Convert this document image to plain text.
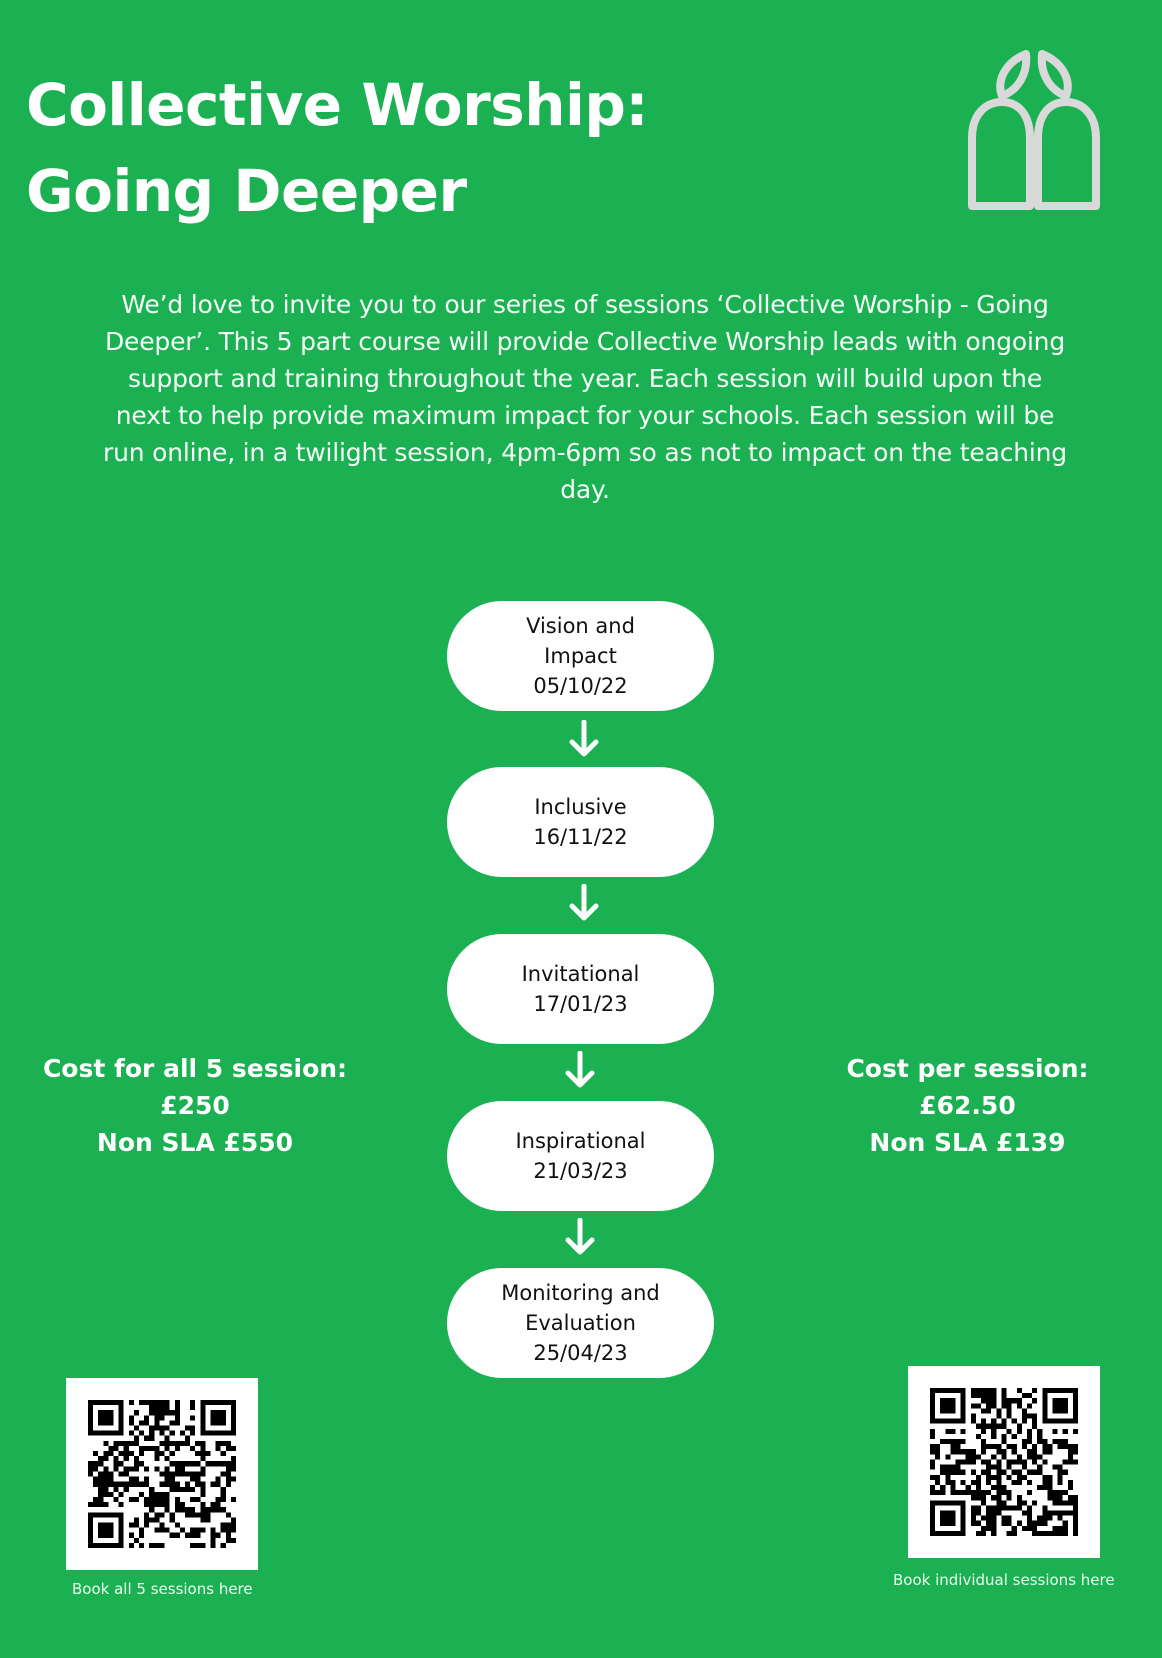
Collective Worship:
Going Deeper

We’d love to invite you to our series of sessions ‘Collective Worship - Going Deeper’. This 5 part course will provide Collective Worship leads with ongoing support and training throughout the year. Each session will build upon the next to help provide maximum impact for your schools. Each session will be run online, in a twilight session, 4pm-6pm so as not to impact on the teaching day.

Vision and
Impact
05/10/22
Inclusive
16/11/22
Invitational
17/01/23
Inspirational
21/03/23
Monitoring and
Evaluation
25/04/23
Cost for all 5 session:
£250
Non SLA £550
Cost per session:
£62.50
Non SLA £139
Book all 5 sessions here	Book individual sessions here
